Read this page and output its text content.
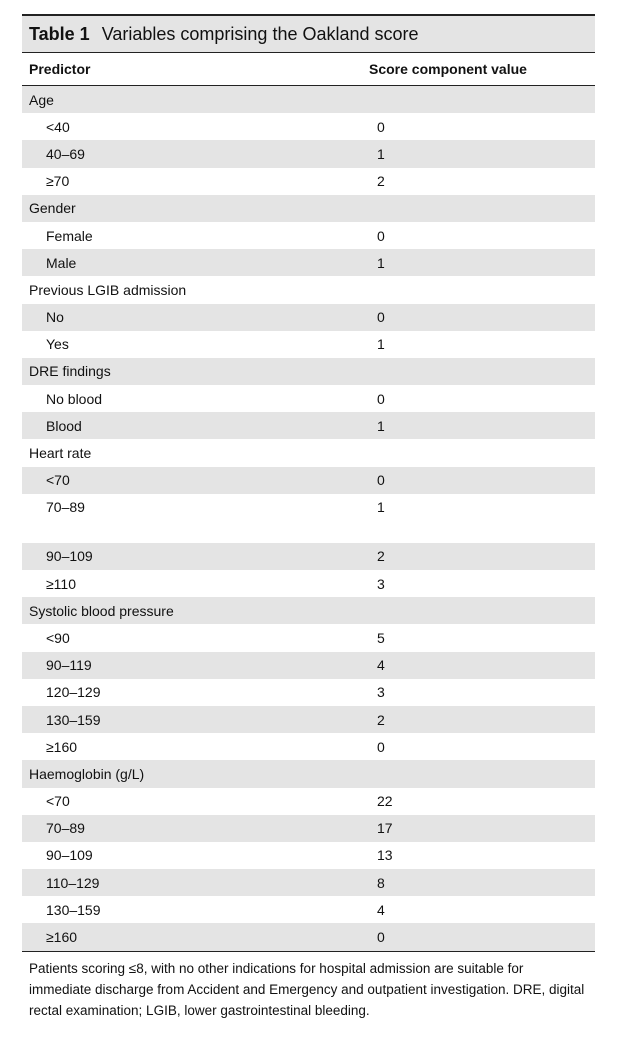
Table 1 Variables comprising the Oakland score
Predictor	Score component value
Age
<40	0
40–69	1
≥70	2
Gender
Female	0
Male	1
Previous LGIB admission
No	0
Yes	1
DRE findings
No blood	0
Blood	1
Heart rate
<70	0
70–89	1
90–109	2
≥110	3
Systolic blood pressure
<90	5
90–119	4
120–129	3
130–159	2
≥160	0
Haemoglobin (g/L)
<70	22
70–89	17
90–109	13
110–129	8
130–159	4
≥160	0
Patients scoring ≤8, with no other indications for hospital admission are suitable for immediate discharge from Accident and Emergency and outpatient investigation. DRE, digital rectal examination; LGIB, lower gastrointestinal bleeding.
